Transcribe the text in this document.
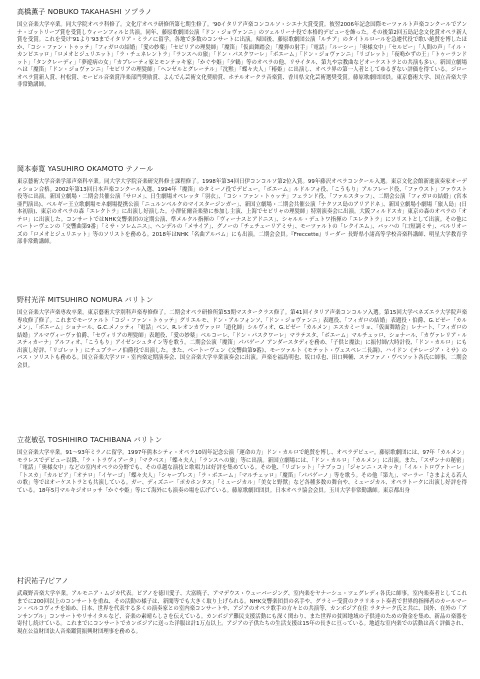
高橋薫子 NOBUKO TAKAHASHI ソプラノ

国立音楽大学卒業。同大学院オペラ科修了。文化庁オペラ研修所第七期生修了。'90イタリア声楽コンコルソ・シエナ大賞受賞。彼翌2006年記念国際モーツァルト声楽コンクールでアンナ・ゴットリーブ賞を受賞しウィーンフィルと共演。同年、藤原歌劇団公演「ドン・ジョヴァンニ」のツェルリーナ役で本格的デビューを飾った。その後第2回五島記念文化賞オペラ新人賞を受賞。これを受け'91より'93までイタリア・ミラノに留学。各地で多数のコンサートに出演。帰国後、藤原歌劇団公演「ルチア」のタイトルロールを急遽代役で歌い絶賛を博したほか、「コシ・ファン・トゥッテ」「フィガロの結婚」「愛の妙薬」「セビリアの理髪師」「魔笛」「仮面舞踏会」「魔弾の射手」「電話」「ルーシー」「奥様女中」「セルビー」「人間の声」「イル・カンピエッロ」「ロメオとジュリエット」「ラ・チェネレントラ」「ランスへの旅」「ドン・パスクワーレ」「ボエーム」「ドン・ジョヴァンニ」「リゴレット」「夜鳴かずの王」「トゥーランドット」「タンクレーディ」「夢遊病の女」「カプレーティ家とモンテッキ家」「かぐや姫」「夕鶴」等のオペラの他、リサイタル、第九や宗教曲などオーケストラとの共演も多い。新国立劇場へは「魔笛」「ドン・ジョヴァンニ」「セビリアの理髪師」「ヘンゼルとグレーテル」「沈黙」「蝶々夫人」「椿姫」に出演し、オペラ界の第一人者としてゆるぎない評価を得ている。ジローオペラ賞新人賞、村松賞、モービル音楽賞洋楽部門奨励賞、よんでん芸術文化奨励賞、ホテルオークラ音楽賞、香川県文化芸術選奨受賞。藤原歌劇団団員。東京藝術大学、国立音楽大学非常勤講師。

岡本泰寛 YASUHIRO OKAMOTO テノール

東京藝術大学音楽学部声楽科卒業。同大学大学院音楽研究科修士課程修了。1998年第34回日伊コンコルソ第2位入賞。99年藤沢オペラコンクール入選。東京文化会館新進演奏家オーディション合格。2002年第13回日本声楽コンクール入選、1994年「魔笛」のタミーノ役でデビュー。「ボエーム」ルドルフォ役、「こうもり」アルフレード役、「ファウスト」ファウスト役等に出演。新国立劇場・二期会共催公演「サロメ」、日生劇場オペレッタ「羽衣」、「コシ・ファン・トゥッテ」フェランド役、「ファルスタッフ」、二期会公演「フィガロの結婚」(宮本亜門演出)、ベルギー王立歌劇場モネ劇場提携公演「ニュルンベルクのマイスタージンガー」、新国立劇場・二期会共催公演「ナクソス島のアリアドネ」、新国立劇場小劇場「旅人島」(日本初演)、東京のオペラの森「エレクトラ」に出演し好演した。小澤征爾音楽塾に参加し主演、上海でセビリャの理髪師」特別演奏会に出演。大阪フィルドスカ」東京の森のオペラの「オテロ」に出演した。コンサートではNHK交響楽団の定期公演、準メルクル指揮の「ヴィーナスとアドニス」、シャルル・デュトワ指揮の「エレクトラ」にソリストとして出演。その他に ベートーヴェンの「交響曲第9番」「ミサ・ソレムニス」、ヘンデルの「メサイア」、グノーの「チェチェーリアミサ」、モーツァルトの「レクイエム」、バッハの「口短調ミサ」、ベルリオーズの「ロメオとジュリエット」等のソリストを務める。2018年はNHK「名曲アルバム」にも出演。二期会会員。『Freccette』リーダー 長野県小諸高等学校音楽科講師、明星大学教育学部非常勤講師。

野村光洋 MITSUHIRO NOMURA バリトン

国立音楽大学声楽専攻卒業。東京藝術大学別科声楽専修修了。二期会オペラ研修所第53期マスタークラス修了。第41回イタリア声楽コンコルソ入選。第15回大学ベネズエラ大学院声楽専攻修了修了。これまでモーツァルト「コジ・ファン・トゥッテ」グリエルモ、ドン・アルフォンソ、「ドン・ジョヴァンニ」表題役、「フィガロの結婚」表題役・伯爵、G.ビゼー「カルメン」、「ボエーム」ショナール、G.C.メノッティ「電話」ベン、R.レオンカヴァッロ「道化師」シルヴィオ、G.ビゼー「カルメン」エスカミーリョ、「仮面舞踏会」レナート、「フィガロの結婚」アルマヴィーヴァ伯爵、「セヴィリアの理髪師」表題役、「愛の妙薬」ベルコーレ、「ドン・パスクワーレ」マラテスタ、「ボエーム」マルチェッロ、ショナール、「カヴァレリア・ルスティカーナ」アルフィオ、「こうもり」アイゼンシュタイン等を歌う。二期会公演「魔笛」パパゲーノ アンダースタディを務め、「子供と魔法」に振付師/大時計役、「ドン・カルロ」にも出演し好評、「リゴレット」にチェプラーノ伯爵役で出演した。また、ベートーヴェン《交響曲第9番》、モーツァルト《モテット・ヴェスペレ二長調》、ハイドン《テレージア・ミサ》のバス・ソリストも務める。国立音楽大学ソロ・室内楽定期演奏会、国立音楽大学卒業演奏会に出演。声楽を福島明也、坂口卓也、田口興輔、ステファノ・ヴぺソット各氏に師事。二期会会員。

立花敏弘 TOSHIHIRO TACHIBANA バリトン

国立音楽大学卒業。91〜93年ミラノに留学。1997年熊本シティ・オペラ10周年記念公演「運命の力」ドン・カルロで絶賛を博し、オペラデビュー。藤原歌劇団には、97年「カルメン」モラレスでデビュー以降、「ラ・トラヴィアータ」「マクベス」「蝶々夫人」「ランスへの旅」等に出演。新国立劇場には、「ドン・カルロ」「カルメン」に出演。また、「スザンナの秘密」「電話」「奥様女中」などの室内オペラの分野でも、その卓越な演技と歌唱力は好評を集めている。その他、「リゴレット」「ナブッコ」「ジャンニ・スキッキ」「イル・トロヴァトーレ」「トスカ」「カルビア」「オテロ」「イヤーゴ」「蝶々夫人」「シャープレス」「ラ・ボエーム」「マルチェッロ」「魔笛」「パパゲーノ」等を歌う。その他「第九」、マーラー「さまよえる若人の歌」等ではオーケストラとも共演している。ガー、ディズニー「ポカホンタス」「ミュージカル」「美女と野獣」など各種多数の舞台や、ミュージカル、オペラトークに出演し好評を得ている。18年5月マルキジオロッサ「かぐや姫」等にて海外にも演奏の場を広げている。藤原歌劇団団員。日本オペラ協会会員。玉川大学非常勤講師。東京都出身

村沢祐子/ピアノ

武蔵野音楽大学卒業。アルモニア・ムジカ代表。ピアノを徳川愛子、大富暁子、アマデウス・ウェーバージング、室内楽をヤナーシュ・ツェグレディ各氏に師事。室内楽奏者としてこれまでに200回以上のコンサートを重ね、その活動の様子は、新聞等でも大きく取り上げられる。NHK交響楽団員の名手や、グラミー受賞のクラリネット奏者で世界的指揮者のカールマーン・ベルコヴィチを始め、日本、世界を代表する多くの演奏家との室内楽コンサートや、アジアのオペラ歌手の方々との共演等、カンボジア在住 ラタナーク氏と共に、国外、在外の「アンサンブル」コンサートやリサイタルなど、音楽の素晴らしさを伝えている。カンボジア難民支援活動にも深く関わり、また世界の貧困地域の子供達のための資金を集め、新品の楽器を寄付し続けている。これまでにコンサートでカンボジアに送った洋服は計1万点以上。アジアの子供たちの生活支援は15年の長きに亘っている。地道な室内楽での活動は高く評価され、現在公益財団法人音楽鑑賞振興財団理事を務める。
